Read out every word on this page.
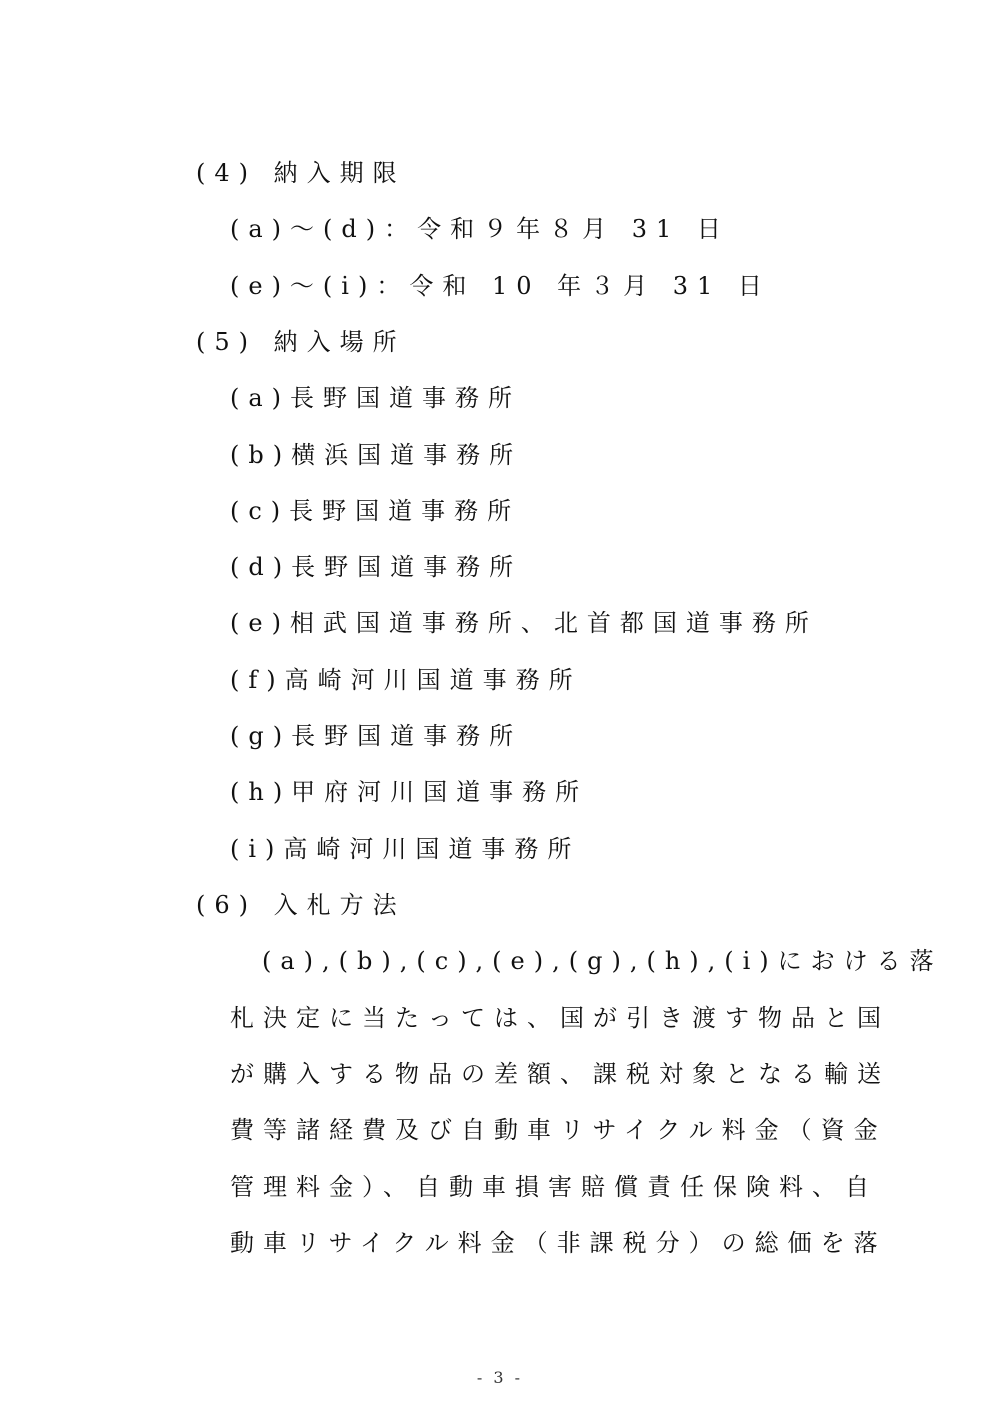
(4) 納入期限
(a)～(d)：令和９年８月 31 日
(e)～(i)：令和 10 年３月 31 日
(5) 納入場所
(a)長野国道事務所
(b)横浜国道事務所
(c)長野国道事務所
(d)長野国道事務所
(e)相武国道事務所、北首都国道事務所
(f)高崎河川国道事務所
(g)長野国道事務所
(h)甲府河川国道事務所
(i)高崎河川国道事務所
(6) 入札方法
(a),(b),(c),(e),(g),(h),(i)における落
札決定に当たっては、国が引き渡す物品と国
が購入する物品の差額、課税対象となる輸送
費等諸経費及び自動車リサイクル料金（資金
管理料金）、自動車損害賠償責任保険料、自
動車リサイクル料金（非課税分）の総価を落
- 3 -
